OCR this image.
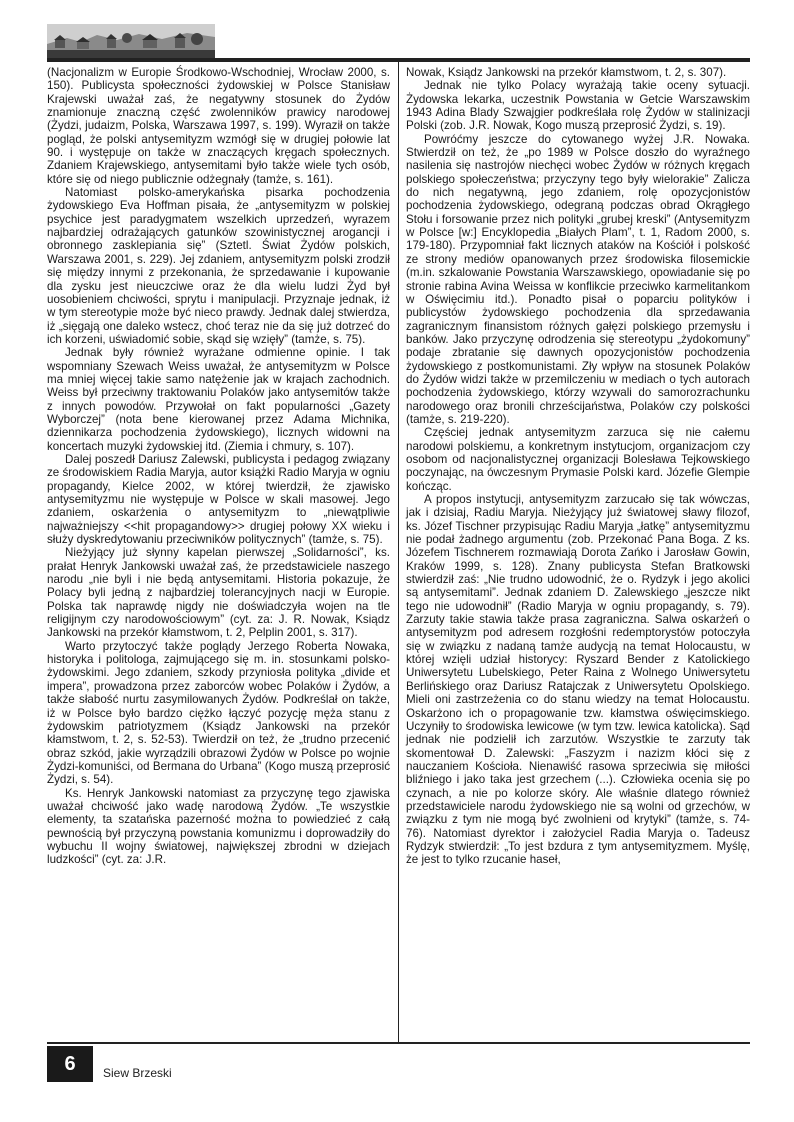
(Nacjonalizm w Europie Środkowo-Wschodniej, Wrocław 2000, s. 150). Publicysta społeczności żydowskiej w Polsce Stanisław Krajewski uważał zaś, że negatywny stosunek do Żydów znamionuje znaczną część zwolenników prawicy narodowej (Żydzi, judaizm, Polska, Warszawa 1997, s. 199). Wyraził on także pogląd, że polski antysemityzm wzmógł się w drugiej połowie lat 90. i występuje on także w znaczących kręgach społecznych. Zdaniem Krajewskiego, antysemitami było także wiele tych osób, które się od niego publicznie odżegnały (tamże, s. 161).

Natomiast polsko-amerykańska pisarka pochodzenia żydowskiego Eva Hoffman pisała, że „antysemityzm w polskiej psychice jest paradygmatem wszelkich uprzedzeń, wyrazem najbardziej odrażających gatunków szowinistycznej arogancji i obronnego zasklepiania się” (Sztetl. Świat Żydów polskich, Warszawa 2001, s. 229). Jej zdaniem, antysemityzm polski zrodził się między innymi z przekonania, że sprzedawanie i kupowanie dla zysku jest nieuczciwe oraz że dla wielu ludzi Żyd był uosobieniem chciwości, sprytu i manipulacji. Przyznaje jednak, iż w tym stereotypie może być nieco prawdy. Jednak dalej stwierdza, iż „sięgają one daleko wstecz, choć teraz nie da się już dotrzeć do ich korzeni, uświadomić sobie, skąd się wzięły” (tamże, s. 75).

Jednak były również wyrażane odmienne opinie. I tak wspomniany Szewach Weiss uważał, że antysemityzm w Polsce ma mniej więcej takie samo natężenie jak w krajach zachodnich. Weiss był przeciwny traktowaniu Polaków jako antysemitów także z innych powodów. Przywołał on fakt popularności „Gazety Wyborczej” (nota bene kierowanej przez Adama Michnika, dziennikarza pochodzenia żydowskiego), licznych widowni na koncertach muzyki żydowskiej itd. (Ziemia i chmury, s. 107).

Dalej poszedł Dariusz Zalewski, publicysta i pedagog związany ze środowiskiem Radia Maryja, autor książki Radio Maryja w ogniu propagandy, Kielce 2002, w której twierdził, że zjawisko antysemityzmu nie występuje w Polsce w skali masowej. Jego zdaniem, oskarżenia o antysemityzm to „niewątpliwie najważniejszy <<hit propagandowy>> drugiej połowy XX wieku i służy dyskredytowaniu przeciwników politycznych” (tamże, s. 75).

Nieżyjący już słynny kapelan pierwszej „Solidarności”, ks. prałat Henryk Jankowski uważał zaś, że przedstawiciele naszego narodu „nie byli i nie będą antysemitami. Historia pokazuje, że Polacy byli jedną z najbardziej tolerancyjnych nacji w Europie. Polska tak naprawdę nigdy nie doświadczyła wojen na tle religijnym czy narodowościowym” (cyt. za: J. R. Nowak, Ksiądz Jankowski na przekór kłamstwom, t. 2, Pelplin 2001, s. 317).

Warto przytoczyć także poglądy Jerzego Roberta Nowaka, historyka i politologa, zajmującego się m. in. stosunkami polsko-żydowskimi. Jego zdaniem, szkody przyniosła polityka „divide et impera”, prowadzona przez zaborców wobec Polaków i Żydów, a także słabość nurtu zasymilowanych Żydów. Podkreślał on także, iż w Polsce było bardzo ciężko łączyć pozycję męża stanu z żydowskim patriotyzmem (Ksiądz Jankowski na przekór kłamstwom, t. 2, s. 52-53). Twierdził on też, że „trudno przecenić obraz szkód, jakie wyrządzili obrazowi Żydów w Polsce po wojnie Żydzi-komuniści, od Bermana do Urbana” (Kogo muszą przeprosić Żydzi, s. 54).

Ks. Henryk Jankowski natomiast za przyczynę tego zjawiska uważał chciwość jako wadę narodową Żydów. „Te wszystkie elementy, ta szatańska pazerność można to powiedzieć z całą pewnością był przyczyną powstania komunizmu i doprowadziły do wybuchu II wojny światowej, największej zbrodni w dziejach ludzkości” (cyt. za: J.R.

Nowak, Ksiądz Jankowski na przekór kłamstwom, t. 2, s. 307).

Jednak nie tylko Polacy wyrażają takie oceny sytuacji. Żydowska lekarka, uczestnik Powstania w Getcie Warszawskim 1943 Adina Blady Szwajgier podkreślała rolę Żydów w stalinizacji Polski (zob. J.R. Nowak, Kogo muszą przeprosić Żydzi, s. 19).

Powróćmy jeszcze do cytowanego wyżej J.R. Nowaka. Stwierdził on też, że „po 1989 w Polsce doszło do wyraźnego nasilenia się nastrojów niechęci wobec Żydów w różnych kręgach polskiego społeczeństwa; przyczyny tego były wielorakie” Zalicza do nich negatywną, jego zdaniem, rolę opozycjonistów pochodzenia żydowskiego, odegraną podczas obrad Okrągłego Stołu i forsowanie przez nich polityki „grubej kreski” (Antysemityzm w Polsce [w:] Encyklopedia „Białych Plam”, t. 1, Radom 2000, s. 179-180). Przypomniał fakt licznych ataków na Kościół i polskość ze strony mediów opanowanych przez środowiska filosemickie (m.in. szkalowanie Powstania Warszawskiego, opowiadanie się po stronie rabina Avina Weissa w konflikcie przeciwko karmelitankom w Oświęcimiu itd.). Ponadto pisał o poparciu polityków i publicystów żydowskiego pochodzenia dla sprzedawania zagranicznym finansistom różnych gałęzi polskiego przemysłu i banków. Jako przyczynę odrodzenia się stereotypu „żydokomuny” podaje zbratanie się dawnych opozycjonistów pochodzenia żydowskiego z postkomunistami. Zły wpływ na stosunek Polaków do Żydów widzi także w przemilczeniu w mediach o tych autorach pochodzenia żydowskiego, którzy wzywali do samorozrachunku narodowego oraz bronili chrześcijaństwa, Polaków czy polskości (tamże, s. 219-220).

Częściej jednak antysemityzm zarzuca się nie całemu narodowi polskiemu, a konkretnym instytucjom, organizacjom czy osobom od nacjonalistycznej organizacji Bolesława Tejkowskiego poczynając, na ówczesnym Prymasie Polski kard. Józefie Glempie kończąc.

A propos instytucji, antysemityzm zarzucało się tak wówczas, jak i dzisiaj, Radiu Maryja. Nieżyjący już światowej sławy filozof, ks. Józef Tischner przypisując Radiu Maryja „łatkę” antysemityzmu nie podał żadnego argumentu (zob. Przekonać Pana Boga. Z ks. Józefem Tischnerem rozmawiają Dorota Zańko i Jarosław Gowin, Kraków 1999, s. 128). Znany publicysta Stefan Bratkowski stwierdził zaś: „Nie trudno udowodnić, że o. Rydzyk i jego akolici są antysemitami”. Jednak zdaniem D. Zalewskiego „jeszcze nikt tego nie udowodnił” (Radio Maryja w ogniu propagandy, s. 79). Zarzuty takie stawia także prasa zagraniczna. Salwa oskarżeń o antysemityzm pod adresem rozgłośni redemptorystów potoczyła się w związku z nadaną tamże audycją na temat Holocaustu, w której wzięli udział historycy: Ryszard Bender z Katolickiego Uniwersytetu Lubelskiego, Peter Raina z Wolnego Uniwersytetu Berlińskiego oraz Dariusz Ratajczak z Uniwersytetu Opolskiego. Mieli oni zastrzeżenia co do stanu wiedzy na temat Holocaustu. Oskarżono ich o propagowanie tzw. kłamstwa oświęcimskiego. Uczyniły to środowiska lewicowe (w tym tzw. lewica katolicka). Sąd jednak nie podzielił ich zarzutów. Wszystkie te zarzuty tak skomentował D. Zalewski: „Faszyzm i nazizm kłóci się z nauczaniem Kościoła. Nienawiść rasowa sprzeciwia się miłości bliźniego i jako taka jest grzechem (...). Człowieka ocenia się po czynach, a nie po kolorze skóry. Ale właśnie dlatego również przedstawiciele narodu żydowskiego nie są wolni od grzechów, w związku z tym nie mogą być zwolnieni od krytyki” (tamże, s. 74-76). Natomiast dyrektor i założyciel Radia Maryja o. Tadeusz Rydzyk stwierdził: „To jest bzdura z tym antysemityzmem. Myślę, że jest to tylko rzucanie haseł,

6	Siew Brzeski
